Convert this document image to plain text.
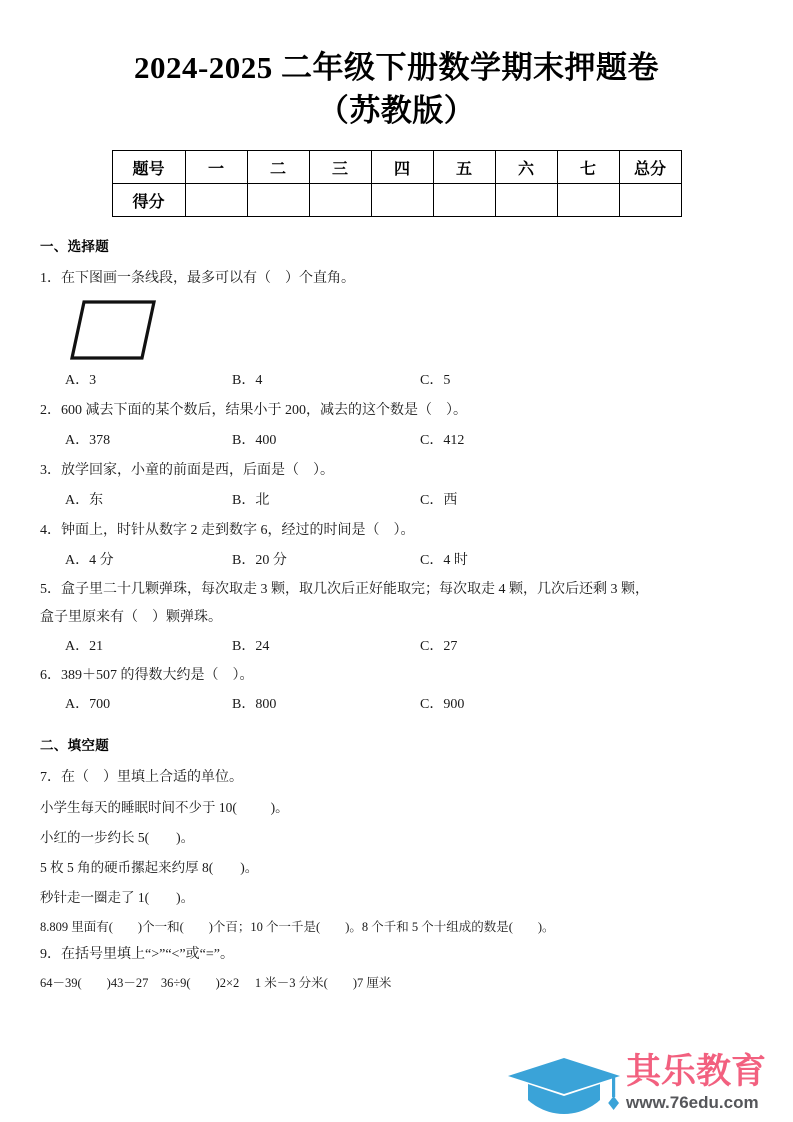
2024-2025 二年级下册数学期末押题卷
（苏教版）
题号	一	二	三	四	五	六	七	总分
得分								
一、选择题
1．在下图画一条线段，最多可以有（　）个直角。
A．3	B．4	C．5
2．600 减去下面的某个数后，结果小于 200，减去的这个数是（　）。
A．378	B．400	C．412
3．放学回家，小童的前面是西，后面是（　）。
A．东	B．北	C．西
4．钟面上，时针从数字 2 走到数字 6，经过的时间是（　）。
A．4 分	B．20 分	C．4 时
5．盒子里二十几颗弹珠，每次取走 3 颗，取几次后正好能取完；每次取走 4 颗，几次后还剩 3 颗，
盒子里原来有（　）颗弹珠。
A．21	B．24	C．27
6．389＋507 的得数大约是（　）。
A．700	B．800	C．900
二、填空题
7．在（　）里填上合适的单位。
小学生每天的睡眠时间不少于 10(          )。
小红的一步约长 5(        )。
5 枚 5 角的硬币摞起来约厚 8(        )。
秒针走一圈走了 1(        )。
8.809 里面有(        )个一和(        )个百；10 个一千是(        )。8 个千和 5 个十组成的数是(        )。
9．在括号里填上“>”“<”或“=”。
64－39(        )43－27    36÷9(        )2×2     1 米－3 分米(        )7 厘米
其乐教育
www.76edu.com
